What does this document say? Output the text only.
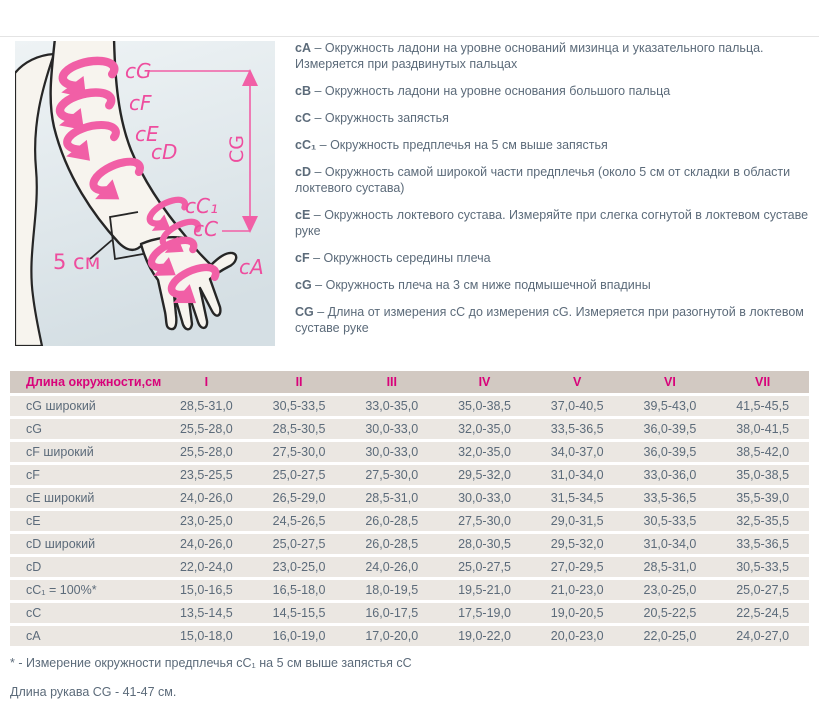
CG
cG
cF
cE
cD
cC₁
cC
cA
5 см

cA – Окружность ладони на уровне оснований мизинца и указательного пальца. Измеряется при раздвинутых пальцах

cB – Окружность ладони на уровне основания большого пальца

cC – Окружность запястья

cC₁ – Окружность предплечья на 5 см выше запястья

cD – Окружность самой широкой части предплечья (около 5 см от складки в области локтевого сустава)

cE – Окружность локтевого сустава. Измеряйте при слегка согнутой в локтевом суставе руке

cF – Окружность середины плеча

cG – Окружность плеча на 3 см ниже подмышечной впадины

CG – Длина от измерения cC до измерения cG. Измеряется при разогнутой в локтевом суставе руке

Длина окружности,см	I	II	III	IV	V	VI	VII
cG широкий	28,5-31,0	30,5-33,5	33,0-35,0	35,0-38,5	37,0-40,5	39,5-43,0	41,5-45,5
cG	25,5-28,0	28,5-30,5	30,0-33,0	32,0-35,0	33,5-36,5	36,0-39,5	38,0-41,5
cF широкий	25,5-28,0	27,5-30,0	30,0-33,0	32,0-35,0	34,0-37,0	36,0-39,5	38,5-42,0
cF	23,5-25,5	25,0-27,5	27,5-30,0	29,5-32,0	31,0-34,0	33,0-36,0	35,0-38,5
cE широкий	24,0-26,0	26,5-29,0	28,5-31,0	30,0-33,0	31,5-34,5	33,5-36,5	35,5-39,0
cE	23,0-25,0	24,5-26,5	26,0-28,5	27,5-30,0	29,0-31,5	30,5-33,5	32,5-35,5
cD широкий	24,0-26,0	25,0-27,5	26,0-28,5	28,0-30,5	29,5-32,0	31,0-34,0	33,5-36,5
cD	22,0-24,0	23,0-25,0	24,0-26,0	25,0-27,5	27,0-29,5	28,5-31,0	30,5-33,5
cC₁ = 100%*	15,0-16,5	16,5-18,0	18,0-19,5	19,5-21,0	21,0-23,0	23,0-25,0	25,0-27,5
cC	13,5-14,5	14,5-15,5	16,0-17,5	17,5-19,0	19,0-20,5	20,5-22,5	22,5-24,5
cA	15,0-18,0	16,0-19,0	17,0-20,0	19,0-22,0	20,0-23,0	22,0-25,0	24,0-27,0

* - Измерение окружности предплечья cC₁ на 5 см выше запястья cC

Длина рукава CG - 41-47 см.
